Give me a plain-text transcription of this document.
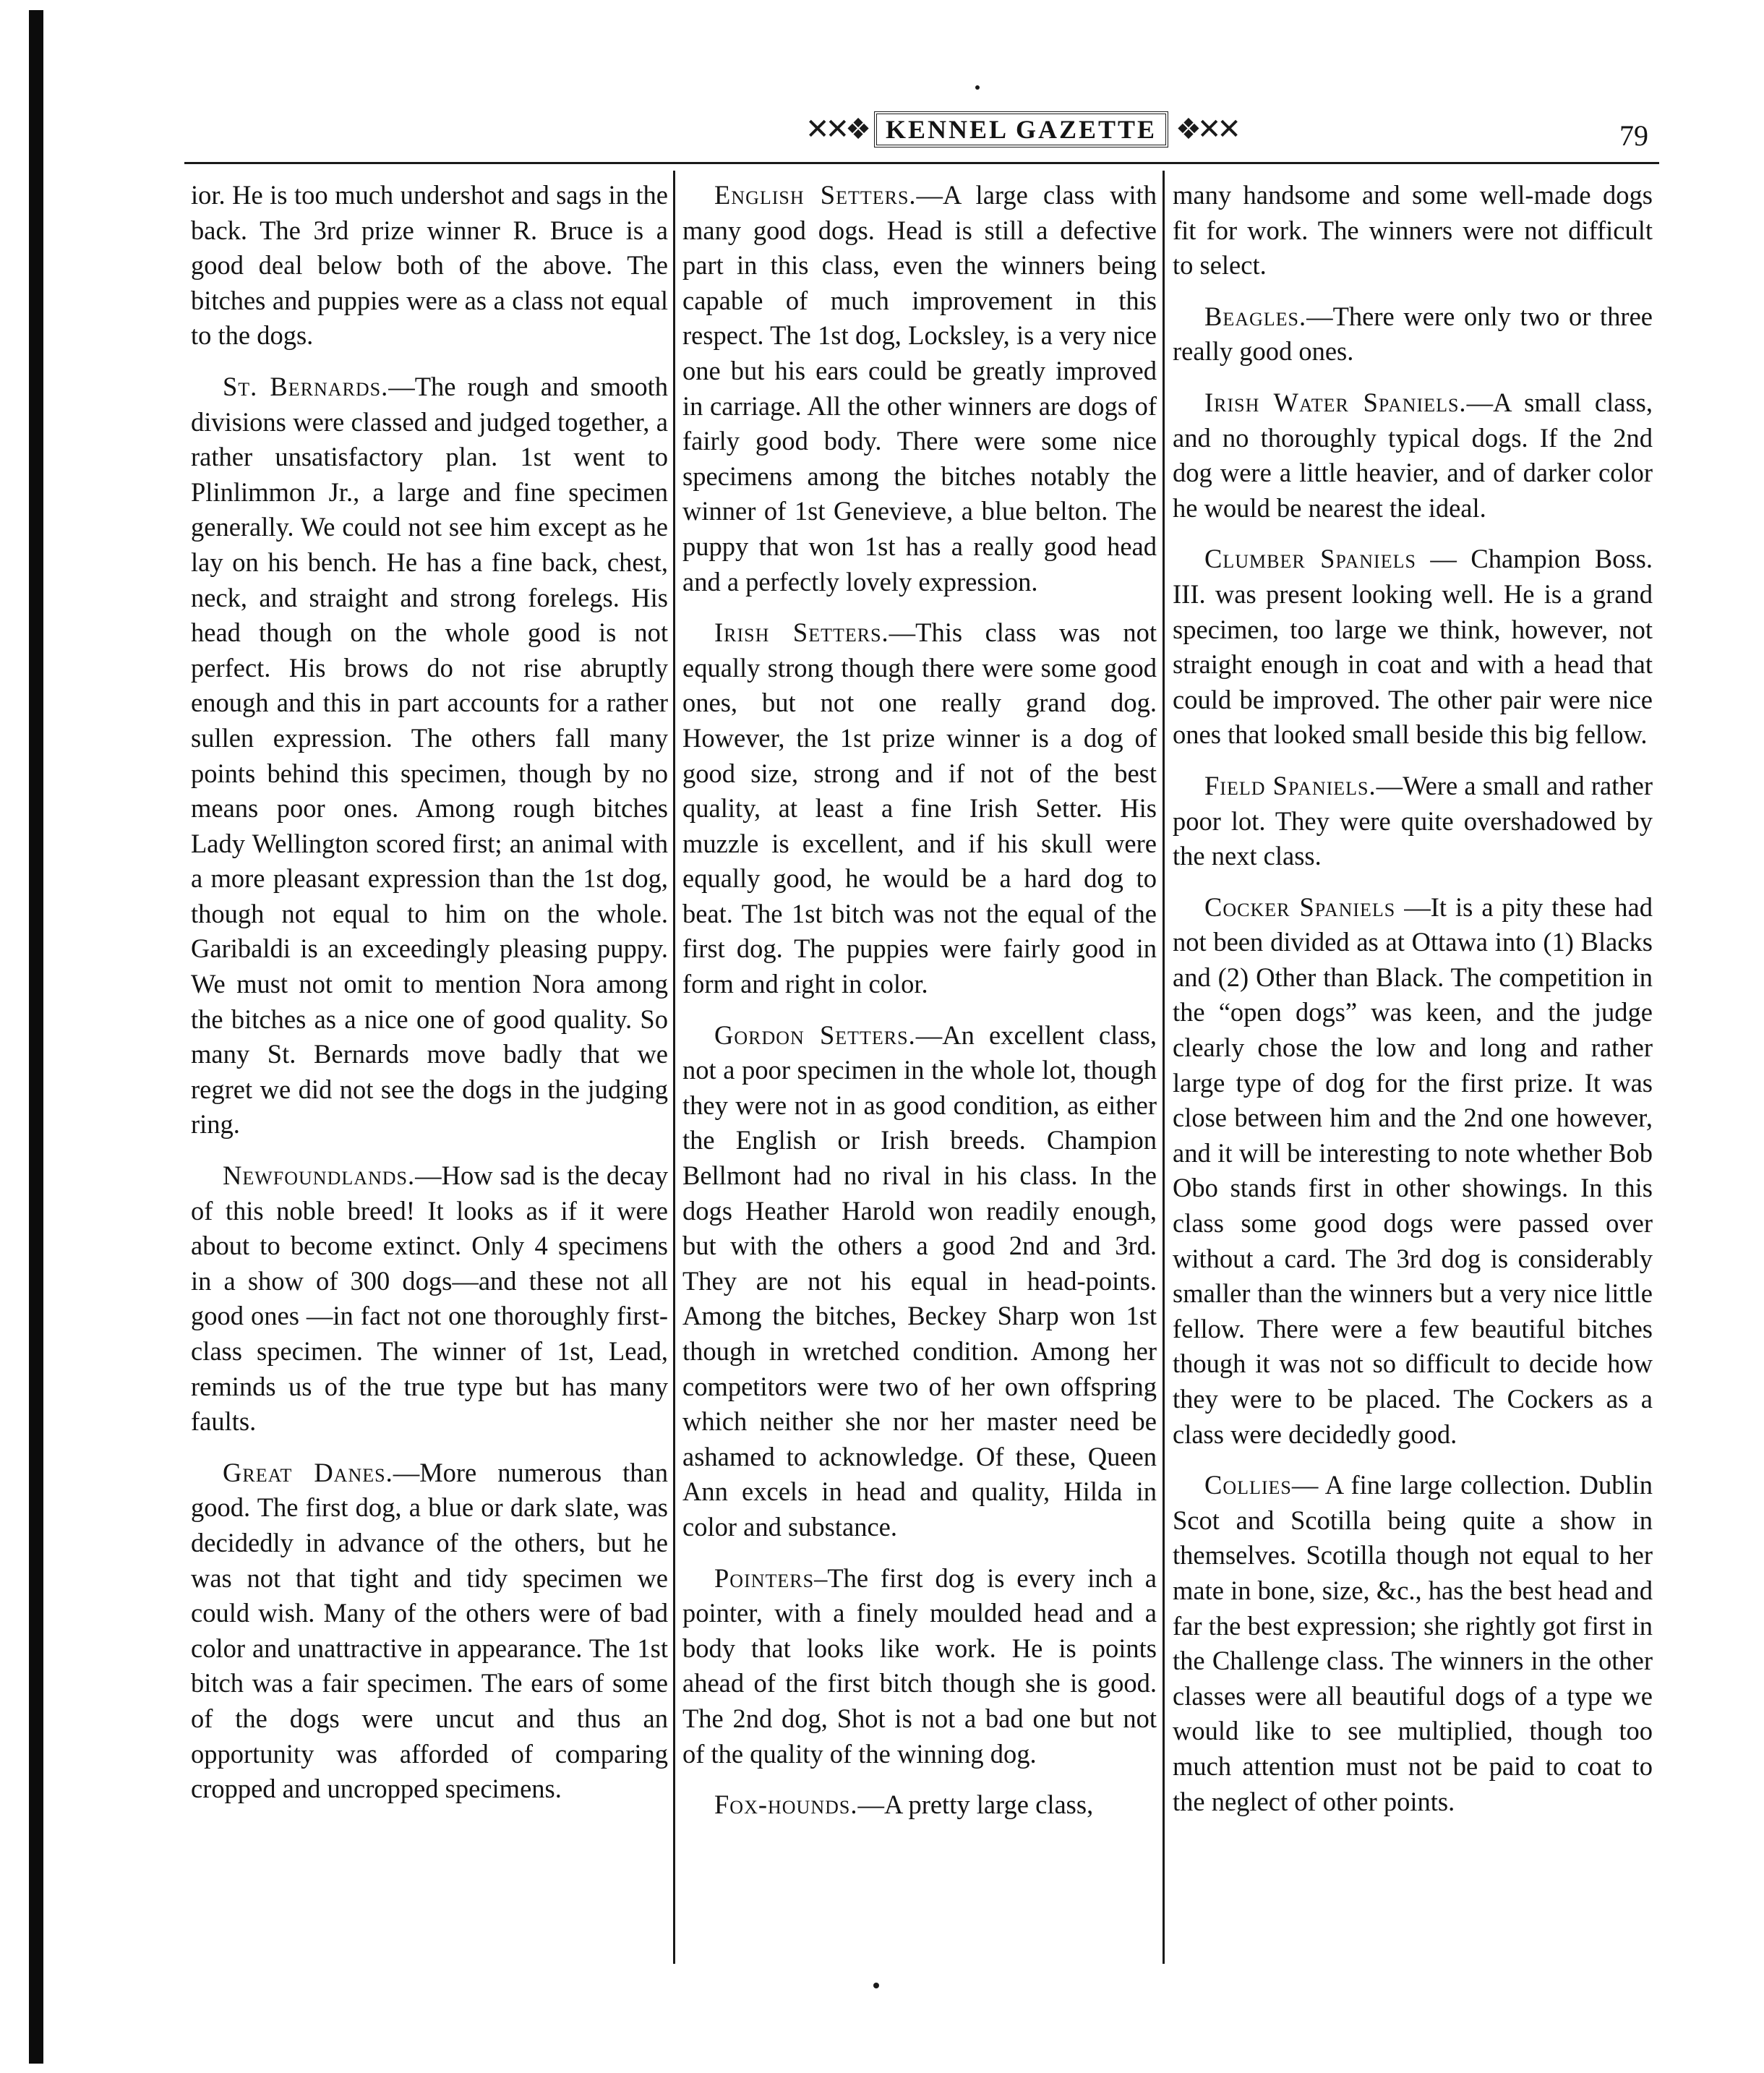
✕✕❖ KENNEL GAZETTE ❖✕✕	79

ior. He is too much undershot and sags in the back. The 3rd prize winner R. Bruce is a good deal below both of the above. The bitches and puppies were as a class not equal to the dogs.

St. Bernards.—The rough and smooth divisions were classed and judged together, a rather unsatisfactory plan. 1st went to Plinlimmon Jr., a large and fine specimen generally. We could not see him except as he lay on his bench. He has a fine back, chest, neck, and straight and strong forelegs. His head though on the whole good is not perfect. His brows do not rise abruptly enough and this in part accounts for a rather sullen expression. The others fall many points behind this specimen, though by no means poor ones. Among rough bitches Lady Wellington scored first; an animal with a more pleasant expression than the 1st dog, though not equal to him on the whole. Garibaldi is an exceedingly pleasing puppy. We must not omit to mention Nora among the bitches as a nice one of good quality. So many St. Bernards move badly that we regret we did not see the dogs in the judging ring.

Newfoundlands.—How sad is the decay of this noble breed! It looks as if it were about to become extinct. Only 4 specimens in a show of 300 dogs—and these not all good ones —in fact not one thoroughly first-class specimen. The winner of 1st, Lead, reminds us of the true type but has many faults.

Great Danes.—More numerous than good. The first dog, a blue or dark slate, was decidedly in advance of the others, but he was not that tight and tidy specimen we could wish. Many of the others were of bad color and unattractive in appearance. The 1st bitch was a fair specimen. The ears of some of the dogs were uncut and thus an opportunity was afforded of comparing cropped and uncropped specimens.

English Setters.—A large class with many good dogs. Head is still a defective part in this class, even the winners being capable of much improvement in this respect. The 1st dog, Locksley, is a very nice one but his ears could be greatly improved in carriage. All the other winners are dogs of fairly good body. There were some nice specimens among the bitches notably the winner of 1st Genevieve, a blue belton. The puppy that won 1st has a really good head and a perfectly lovely expression.

Irish Setters.—This class was not equally strong though there were some good ones, but not one really grand dog. However, the 1st prize winner is a dog of good size, strong and if not of the best quality, at least a fine Irish Setter. His muzzle is excellent, and if his skull were equally good, he would be a hard dog to beat. The 1st bitch was not the equal of the first dog. The puppies were fairly good in form and right in color.

Gordon Setters.—An excellent class, not a poor specimen in the whole lot, though they were not in as good condition, as either the English or Irish breeds. Champion Bellmont had no rival in his class. In the dogs Heather Harold won readily enough, but with the others a good 2nd and 3rd. They are not his equal in head-points. Among the bitches, Beckey Sharp won 1st though in wretched condition. Among her competitors were two of her own offspring which neither she nor her master need be ashamed to acknowledge. Of these, Queen Ann excels in head and quality, Hilda in color and substance.

Pointers–The first dog is every inch a pointer, with a finely moulded head and a body that looks like work. He is points ahead of the first bitch though she is good. The 2nd dog, Shot is not a bad one but not of the quality of the winning dog.

Fox-hounds.—A pretty large class,

many handsome and some well-made dogs fit for work. The winners were not difficult to select.

Beagles.—There were only two or three really good ones.

Irish Water Spaniels.—A small class, and no thoroughly typical dogs. If the 2nd dog were a little heavier, and of darker color he would be nearest the ideal.

Clumber Spaniels — Champion Boss. III. was present looking well. He is a grand specimen, too large we think, however, not straight enough in coat and with a head that could be improved. The other pair were nice ones that looked small beside this big fellow.

Field Spaniels.—Were a small and rather poor lot. They were quite overshadowed by the next class.

Cocker Spaniels —It is a pity these had not been divided as at Ottawa into (1) Blacks and (2) Other than Black. The competition in the “open dogs” was keen, and the judge clearly chose the low and long and rather large type of dog for the first prize. It was close between him and the 2nd one however, and it will be interesting to note whether Bob Obo stands first in other showings. In this class some good dogs were passed over without a card. The 3rd dog is considerably smaller than the winners but a very nice little fellow. There were a few beautiful bitches though it was not so difficult to decide how they were to be placed. The Cockers as a class were decidedly good.

Collies— A fine large collection. Dublin Scot and Scotilla being quite a show in themselves. Scotilla though not equal to her mate in bone, size, &c., has the best head and far the best expression; she rightly got first in the Challenge class. The winners in the other classes were all beautiful dogs of a type we would like to see multiplied, though too much attention must not be paid to coat to the neglect of other points.
